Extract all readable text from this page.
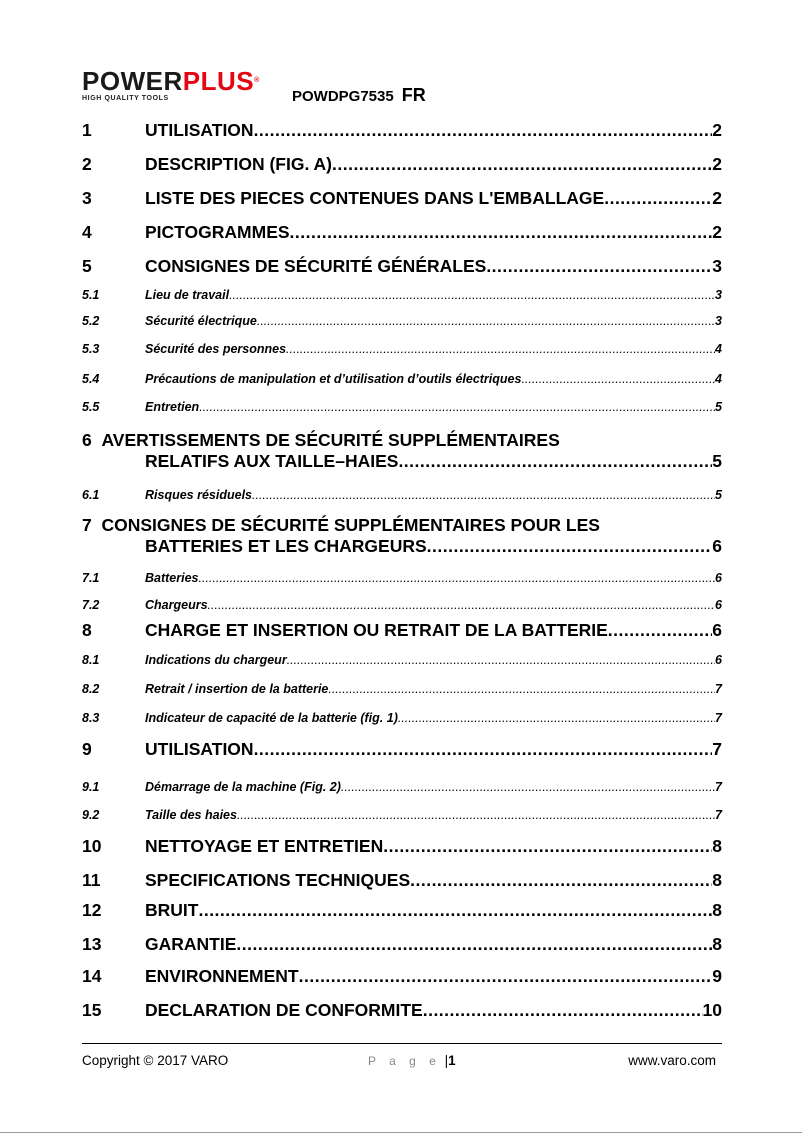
POWERPLUS®
HIGH QUALITY TOOLS	POWDPG7535 FR
1	UTILISATION .....	2
2	DESCRIPTION (FIG. A) .....	2
3	LISTE DES PIECES CONTENUES DANS L'EMBALLAGE .....	2
4	PICTOGRAMMES .....	2
5	CONSIGNES DE SÉCURITÉ GÉNÉRALES .....	3
5.1	Lieu de travail .....	3
5.2	Sécurité électrique .....	3
5.3	Sécurité des personnes .....	4
5.4	Précautions de manipulation et d’utilisation d’outils électriques .....	4
5.5	Entretien .....	5
6 AVERTISSEMENTS DE SÉCURITÉ SUPPLÉMENTAIRES
RELATIFS AUX TAILLE–HAIES .....	5
6.1	Risques résiduels .....	5
7 CONSIGNES DE SÉCURITÉ SUPPLÉMENTAIRES POUR LES
BATTERIES ET LES CHARGEURS .....	6
7.1	Batteries .....	6
7.2	Chargeurs .....	6
8	CHARGE ET INSERTION OU RETRAIT DE LA BATTERIE .....	6
8.1	Indications du chargeur .....	6
8.2	Retrait / insertion de la batterie .....	7
8.3	Indicateur de capacité de la batterie (fig. 1) .....	7
9	UTILISATION .....	7
9.1	Démarrage de la machine (Fig. 2) .....	7
9.2	Taille des haies .....	7
10	NETTOYAGE ET ENTRETIEN .....	8
11	SPECIFICATIONS TECHNIQUES .....	8
12	BRUIT .....	8
13	GARANTIE .....	8
14	ENVIRONNEMENT .....	9
15	DECLARATION DE CONFORMITE .....	10
Copyright © 2017 VARO	P a g e |1	www.varo.com
